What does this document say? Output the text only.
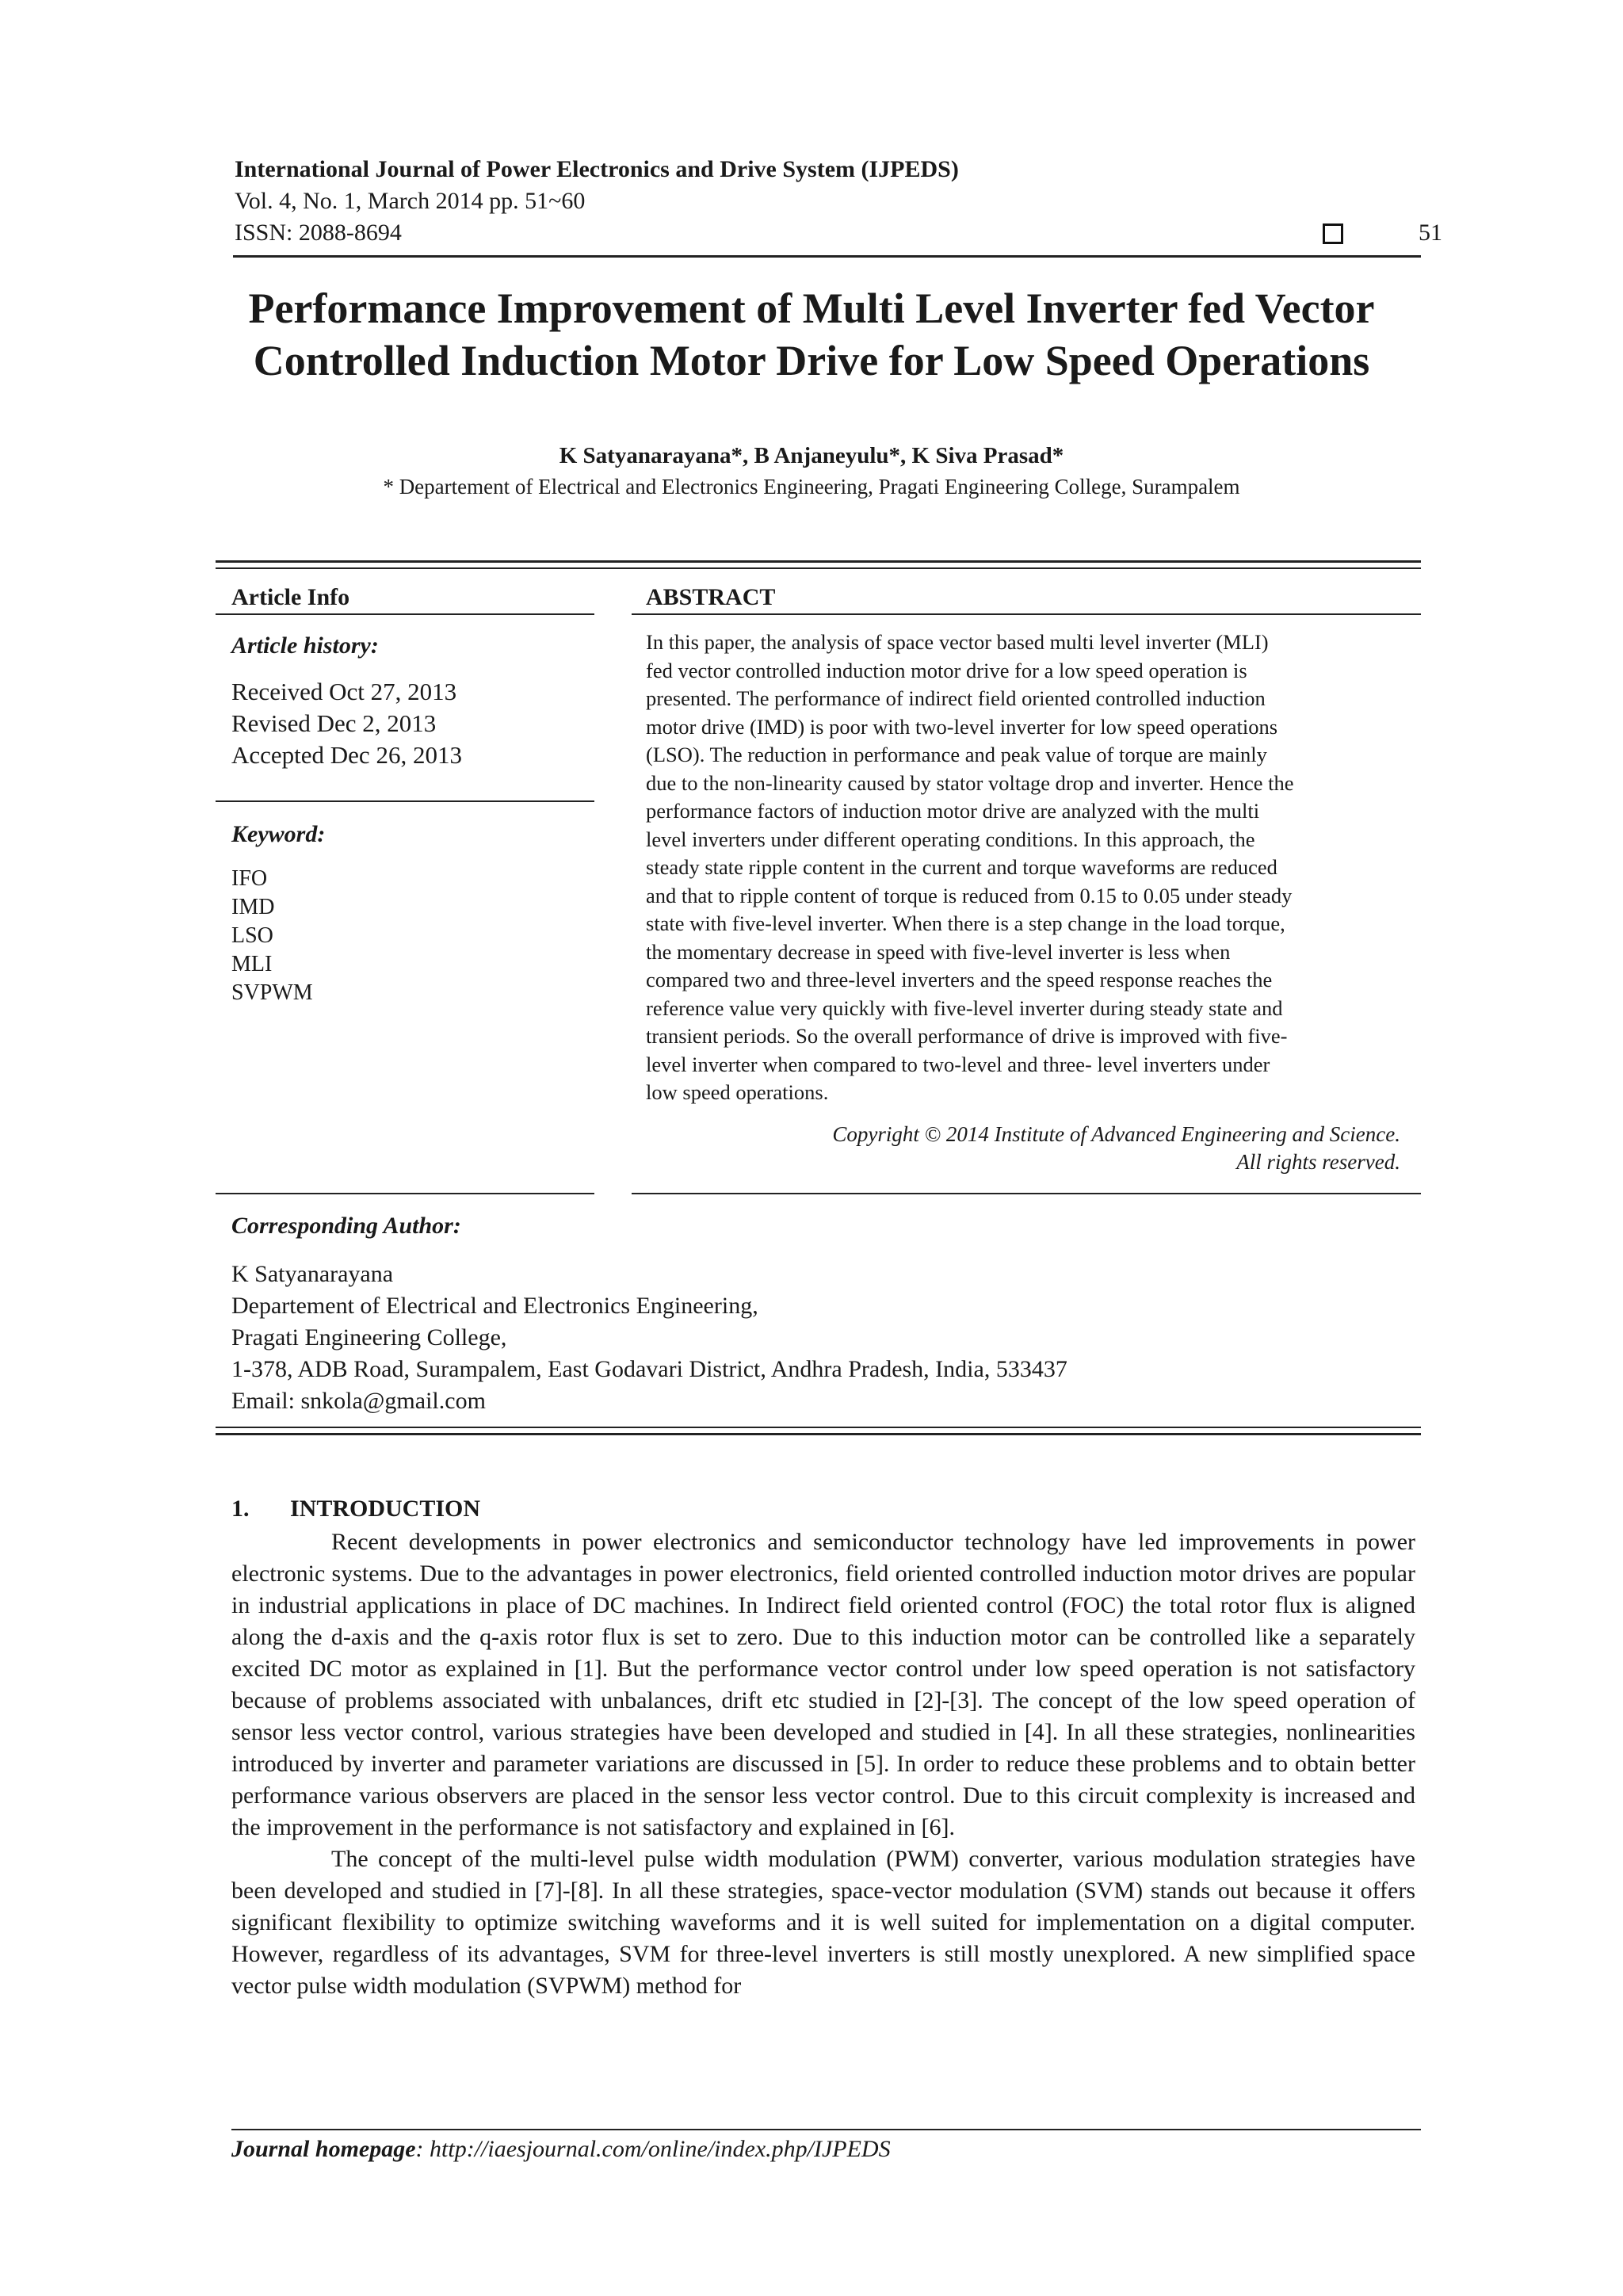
International Journal of Power Electronics and Drive System (IJPEDS)
Vol. 4, No. 1, March 2014 pp. 51~60
ISSN: 2088-8694	51
Performance Improvement of Multi Level Inverter fed Vector
Controlled Induction Motor Drive for Low Speed Operations
K Satyanarayana*, B Anjaneyulu*, K Siva Prasad*
* Departement of Electrical and Electronics Engineering, Pragati Engineering College, Surampalem
Article Info
Article history:
Received Oct 27, 2013
Revised Dec 2, 2013
Accepted Dec 26, 2013
Keyword:
IFO
IMD
LSO
MLI
SVPWM
ABSTRACT
In this paper, the analysis of space vector based multi level inverter (MLI)
fed vector controlled induction motor drive for a low speed operation is
presented. The performance of indirect field oriented controlled induction
motor drive (IMD) is poor with two-level inverter for low speed operations
(LSO). The reduction in performance and peak value of torque are mainly
due to the non-linearity caused by stator voltage drop and inverter. Hence the
performance factors of induction motor drive are analyzed with the multi
level inverters under different operating conditions. In this approach, the
steady state ripple content in the current and torque waveforms are reduced
and that to ripple content of torque is reduced from 0.15 to 0.05 under steady
state with five-level inverter. When there is a step change in the load torque,
the momentary decrease in speed with five-level inverter is less when
compared two and three-level inverters and the speed response reaches the
reference value very quickly with five-level inverter during steady state and
transient periods. So the overall performance of drive is improved with five-
level inverter when compared to two-level and three- level inverters under
low speed operations.
Copyright © 2014 Institute of Advanced Engineering and Science.
All rights reserved.
Corresponding Author:
K Satyanarayana
Departement of Electrical and Electronics Engineering,
Pragati Engineering College,
1-378, ADB Road, Surampalem, East Godavari District, Andhra Pradesh, India, 533437
Email: snkola@gmail.com
1. INTRODUCTION

Recent developments in power electronics and semiconductor technology have led improvements in power electronic systems. Due to the advantages in power electronics, field oriented controlled induction motor drives are popular in industrial applications in place of DC machines. In Indirect field oriented control (FOC) the total rotor flux is aligned along the d-axis and the q-axis rotor flux is set to zero. Due to this induction motor can be controlled like a separately excited DC motor as explained in [1]. But the performance vector control under low speed operation is not satisfactory because of problems associated with unbalances, drift etc studied in [2]-[3]. The concept of the low speed operation of sensor less vector control, various strategies have been developed and studied in [4]. In all these strategies, nonlinearities introduced by inverter and parameter variations are discussed in [5]. In order to reduce these problems and to obtain better performance various observers are placed in the sensor less vector control. Due to this circuit complexity is increased and the improvement in the performance is not satisfactory and explained in [6].

The concept of the multi-level pulse width modulation (PWM) converter, various modulation strategies have been developed and studied in [7]-[8]. In all these strategies, space-vector modulation (SVM) stands out because it offers significant flexibility to optimize switching waveforms and it is well suited for implementation on a digital computer. However, regardless of its advantages, SVM for three-level inverters is still mostly unexplored. A new simplified space vector pulse width modulation (SVPWM) method for

Journal homepage: http://iaesjournal.com/online/index.php/IJPEDS
